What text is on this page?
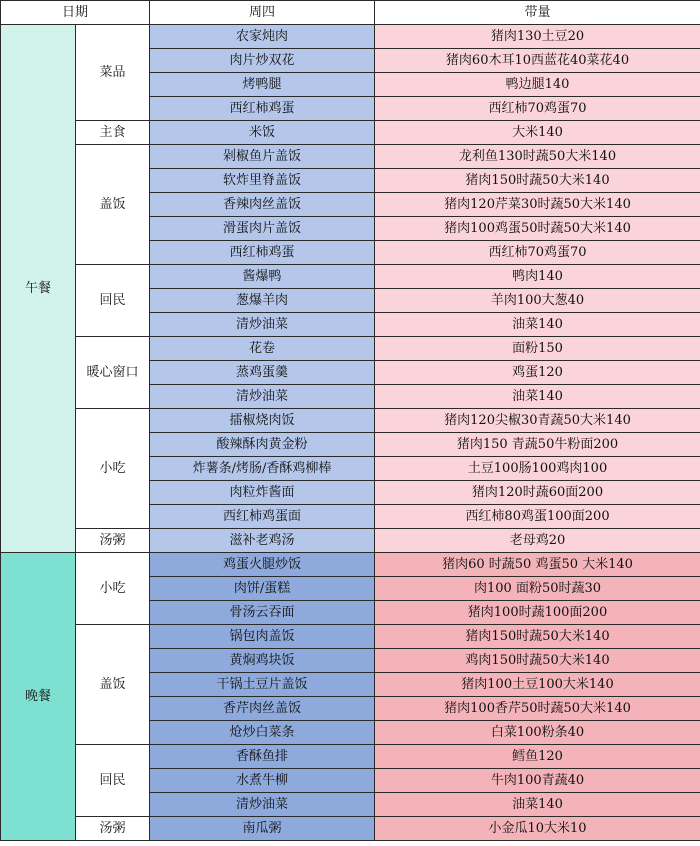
日期		周四	带量
午餐	菜品	农家炖肉	猪肉130土豆20
		肉片炒双花	猪肉60木耳10西蓝花40菜花40
		烤鸭腿	鸭边腿140
		西红柿鸡蛋	西红柿70鸡蛋70
	主食	米饭	大米140
	盖饭	剁椒鱼片盖饭	龙利鱼130时蔬50大米140
		软炸里脊盖饭	猪肉150时蔬50大米140
		香辣肉丝盖饭	猪肉120芹菜30时蔬50大米140
		滑蛋肉片盖饭	猪肉100鸡蛋50时蔬50大米140
		西红柿鸡蛋	西红柿70鸡蛋70
	回民	酱爆鸭	鸭肉140
		葱爆羊肉	羊肉100大葱40
		清炒油菜	油菜140
	暖心窗口	花卷	面粉150
		蒸鸡蛋羹	鸡蛋120
		清炒油菜	油菜140
	小吃	擂椒烧肉饭	猪肉120尖椒30青蔬50大米140
		酸辣酥肉黄金粉	猪肉150 青蔬50牛粉面200
		炸薯条/烤肠/香酥鸡柳棒	土豆100肠100鸡肉100
		肉粒炸酱面	猪肉120时蔬60面200
		西红柿鸡蛋面	西红柿80鸡蛋100面200
	汤粥	滋补老鸡汤	老母鸡20
晚餐	小吃	鸡蛋火腿炒饭	猪肉60 时蔬50 鸡蛋50 大米140
		肉饼/蛋糕	肉100 面粉50时蔬30
		骨汤云吞面	猪肉100时蔬100面200
	盖饭	锅包肉盖饭	猪肉150时蔬50大米140
		黄焖鸡块饭	鸡肉150时蔬50大米140
		干锅土豆片盖饭	猪肉100土豆100大米140
		香芹肉丝盖饭	猪肉100香芹50时蔬50大米140
		炝炒白菜条	白菜100粉条40
	回民	香酥鱼排	鳕鱼120
		水煮牛柳	牛肉100青蔬40
		清炒油菜	油菜140
	汤粥	南瓜粥	小金瓜10大米10
